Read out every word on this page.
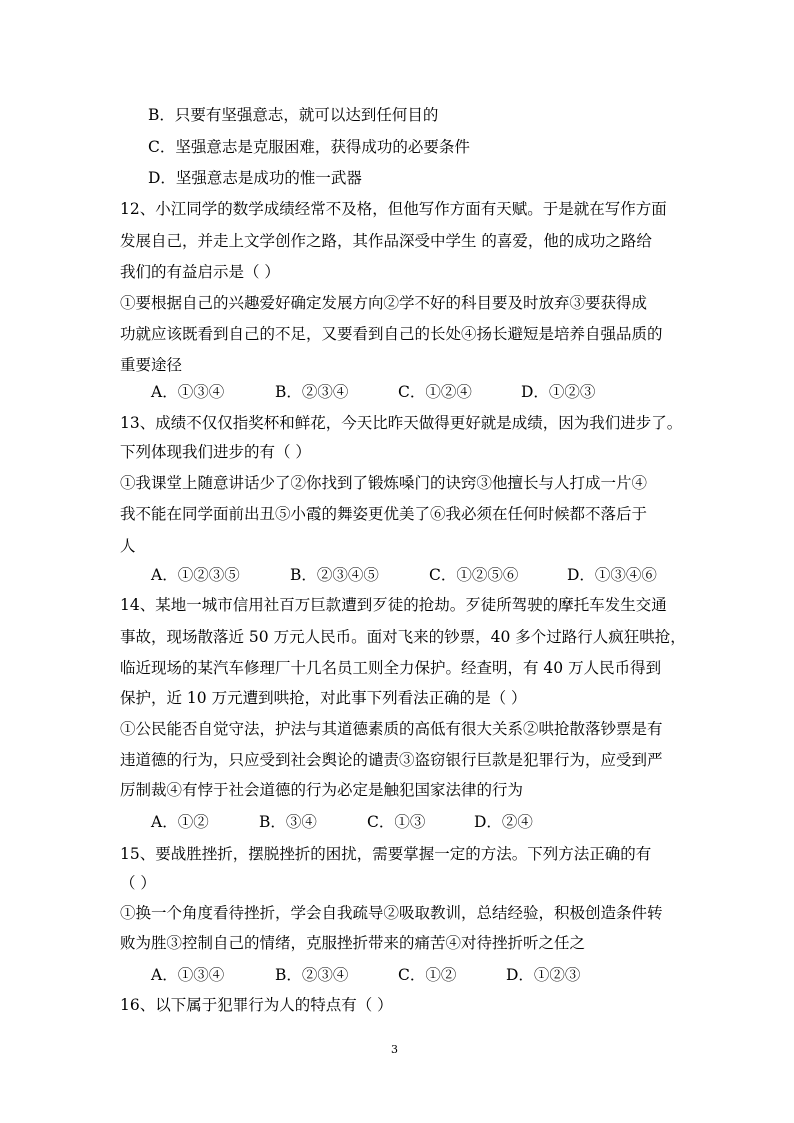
B．只要有坚强意志，就可以达到任何目的
C．坚强意志是克服困难，获得成功的必要条件
D．坚强意志是成功的惟一武器
12、小江同学的数学成绩经常不及格，但他写作方面有天赋。于是就在写作方面
发展自己，并走上文学创作之路，其作品深受中学生 的喜爱，他的成功之路给
我们的有益启示是（ ）
①要根据自己的兴趣爱好确定发展方向②学不好的科目要及时放弃③要获得成
功就应该既看到自己的不足，又要看到自己的长处④扬长避短是培养自强品质的
重要途径
A．①③④	B．②③④	C．①②④	D．①②③
13、成绩不仅仅指奖杯和鲜花，今天比昨天做得更好就是成绩，因为我们进步了。
下列体现我们进步的有（ ）
①我课堂上随意讲话少了②你找到了锻炼嗓门的诀窍③他擅长与人打成一片④
我不能在同学面前出丑⑤小霞的舞姿更优美了⑥我必须在任何时候都不落后于
人
A．①②③⑤	B．②③④⑤	C．①②⑤⑥	D．①③④⑥
14、某地一城市信用社百万巨款遭到歹徒的抢劫。歹徒所驾驶的摩托车发生交通
事故，现场散落近 50 万元人民币。面对飞来的钞票，40 多个过路行人疯狂哄抢，
临近现场的某汽车修理厂十几名员工则全力保护。经查明，有 40 万人民币得到
保护，近 10 万元遭到哄抢，对此事下列看法正确的是（ ）
①公民能否自觉守法，护法与其道德素质的高低有很大关系②哄抢散落钞票是有
违道德的行为，只应受到社会舆论的谴责③盗窃银行巨款是犯罪行为，应受到严
厉制裁④有悖于社会道德的行为必定是触犯国家法律的行为
A．①②	B．③④	C．①③	D．②④
15、要战胜挫折，摆脱挫折的困扰，需要掌握一定的方法。下列方法正确的有
（ ）
①换一个角度看待挫折，学会自我疏导②吸取教训，总结经验，积极创造条件转
败为胜③控制自己的情绪，克服挫折带来的痛苦④对待挫折听之任之
A．①③④	B．②③④	C．①②	D．①②③
16、以下属于犯罪行为人的特点有（ ）
3
